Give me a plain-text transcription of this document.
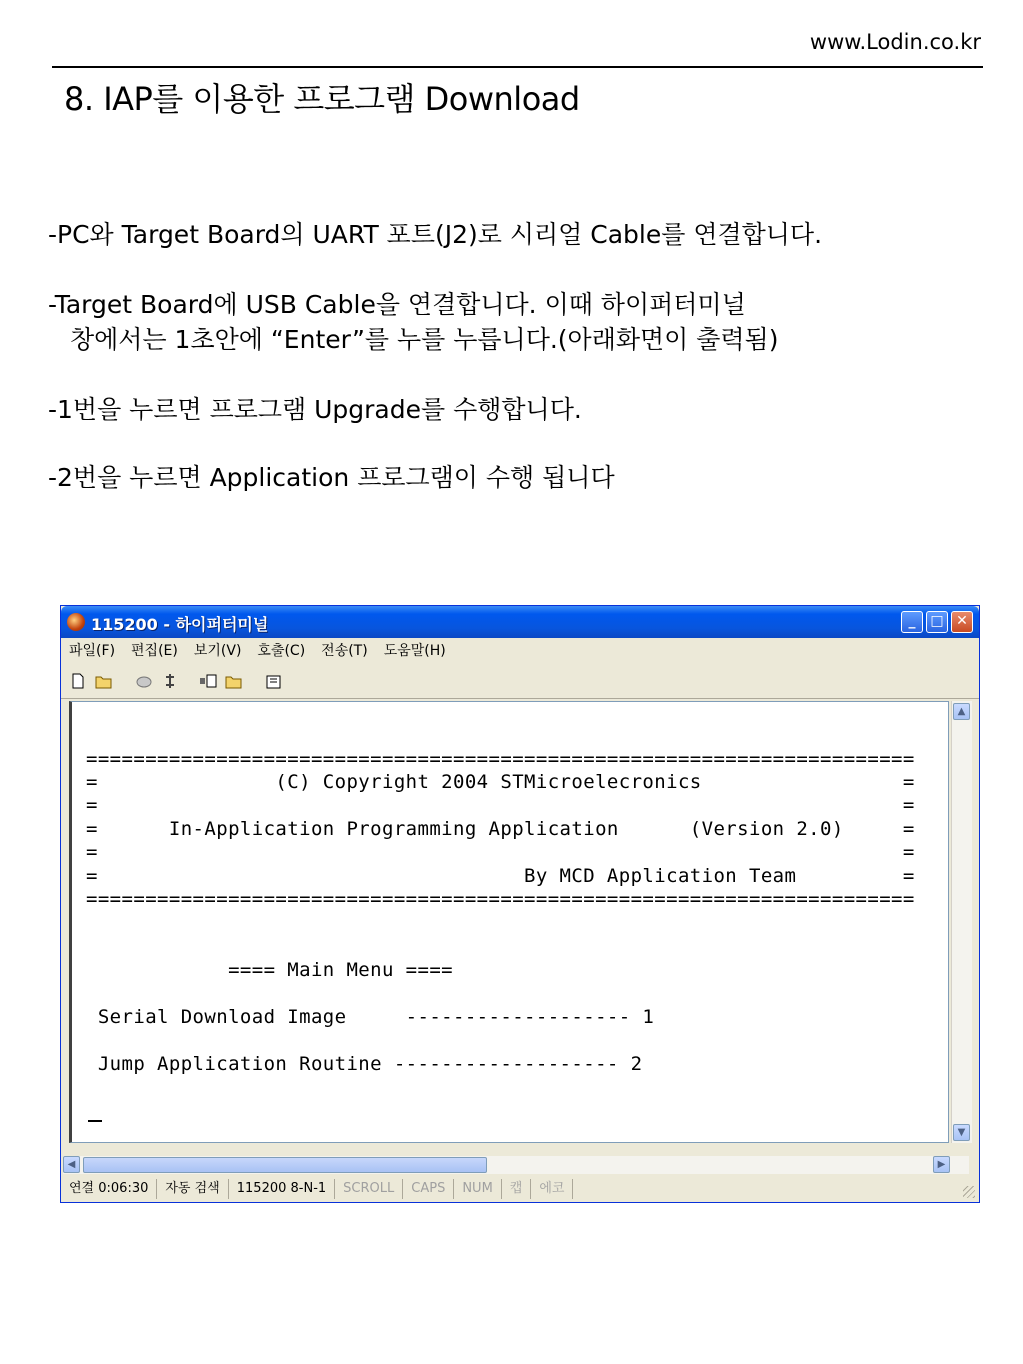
www.Lodin.co.kr
8. IAP를 이용한 프로그램 Download
-PC와 Target Board의 UART 포트(J2)로 시리얼 Cable를 연결합니다.
-Target Board에 USB Cable을 연결합니다. 이때 하이퍼터미널
창에서는 1초안에 “Enter”를 누를 누릅니다.(아래화면이 출력됨)
-1번을 누르면 프로그램 Upgrade를 수행합니다.
-2번을 누르면 Application 프로그램이 수행 됩니다
115200 - 하이퍼터미널	_	□ ✕
파일(F) 편집(E) 보기(V) 호출(C) 전송(T) 도움말(H)
======================================================================
=               (C) Copyright 2004 STMicroelecronics                 =
=                                                                    =
=      In-Application Programming Application      (Version 2.0)     =
=                                                                    =
=                                    By MCD Application Team         =
======================================================================
==== Main Menu ====
Serial Download Image     ------------------- 1
Jump Application Routine ------------------- 2
▲
▼
◀	▶
연결 0:06:30	자동 검색	115200 8-N-1	SCROLL	CAPS	NUM	캡	에코
